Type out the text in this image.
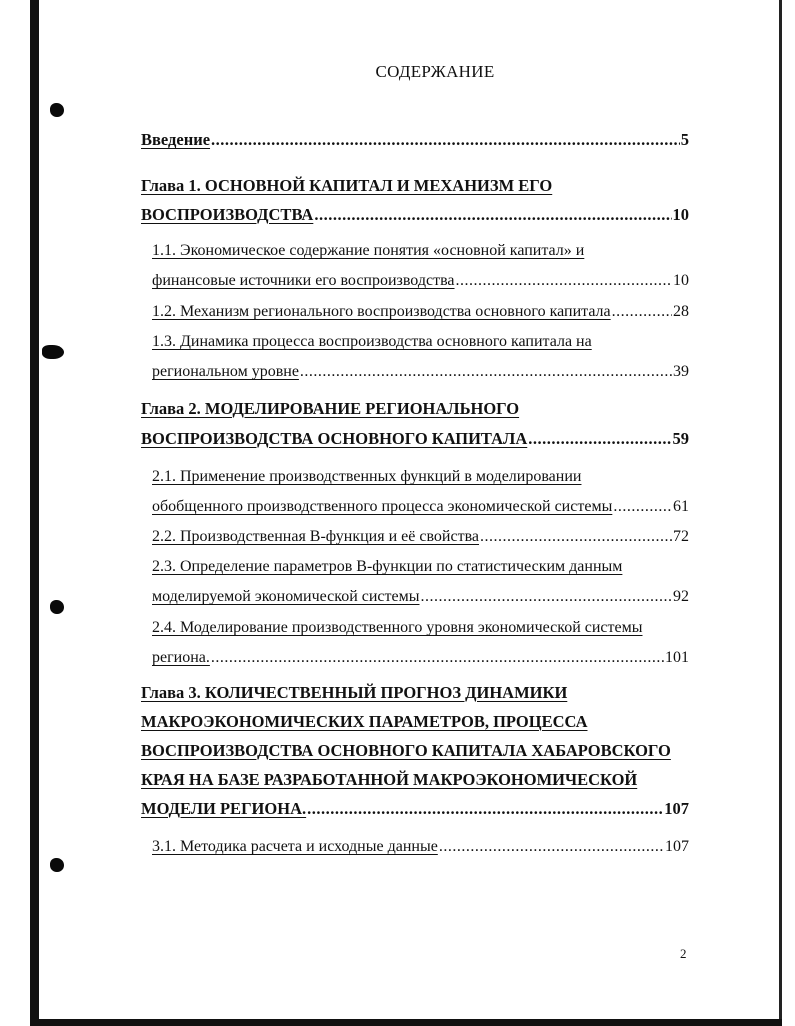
СОДЕРЖАНИЕ
Введение .....	5
Глава 1. ОСНОВНОЙ КАПИТАЛ И МЕХАНИЗМ ЕГО
ВОСПРОИЗВОДСТВА .....	10
1.1. Экономическое содержание понятия «основной капитал» и
финансовые источники его воспроизводства .....	10
1.2. Механизм регионального воспроизводства основного капитала .....	28
1.3. Динамика процесса воспроизводства основного капитала на
региональном уровне .....	39
Глава 2. МОДЕЛИРОВАНИЕ РЕГИОНАЛЬНОГО
ВОСПРОИЗВОДСТВА ОСНОВНОГО КАПИТАЛА .....	59
2.1. Применение производственных функций в моделировании
обобщенного производственного процесса экономической системы .....	61
2.2. Производственная В-функция и её свойства .....	72
2.3. Определение параметров В-функции по статистическим данным
моделируемой экономической системы .....	92
2.4. Моделирование производственного уровня экономической системы
региона. .....	101
Глава 3. КОЛИЧЕСТВЕННЫЙ ПРОГНОЗ ДИНАМИКИ
МАКРОЭКОНОМИЧЕСКИХ ПАРАМЕТРОВ, ПРОЦЕССА
ВОСПРОИЗВОДСТВА ОСНОВНОГО КАПИТАЛА ХАБАРОВСКОГО
КРАЯ НА БАЗЕ РАЗРАБОТАННОЙ МАКРОЭКОНОМИЧЕСКОЙ
МОДЕЛИ РЕГИОНА. .....	107
3.1. Методика расчета и исходные данные .....	107
2
